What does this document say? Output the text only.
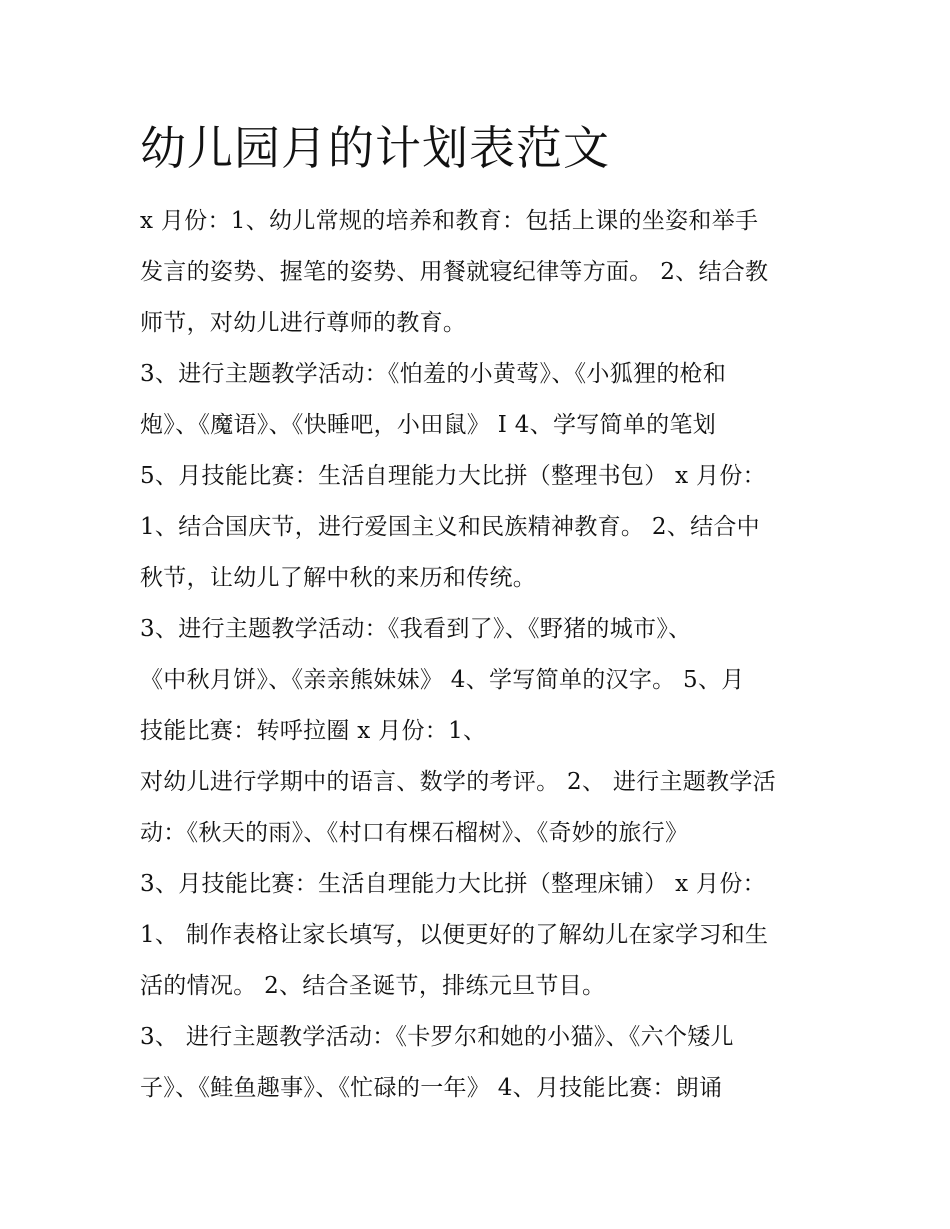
幼儿园月的计划表范文
x 月份：1、幼儿常规的培养和教育：包括上课的坐姿和举手
发言的姿势、握笔的姿势、用餐就寝纪律等方面。 2、结合教
师节，对幼儿进行尊师的教育。
3、进行主题教学活动：《怕羞的小黄莺》、《小狐狸的枪和
炮》、《魔语》、《快睡吧，小田鼠》 I 4、学写简单的笔划
5、月技能比赛：生活自理能力大比拼（整理书包） x 月份：
1、结合国庆节，进行爱国主义和民族精神教育。 2、结合中
秋节，让幼儿了解中秋的来历和传统。
3、进行主题教学活动：《我看到了》、《野猪的城市》、
《中秋月饼》、《亲亲熊妹妹》 4、学写简单的汉字。 5、月
技能比赛：转呼拉圈 x 月份：1、
对幼儿进行学期中的语言、数学的考评。 2、 进行主题教学活
动：《秋天的雨》、《村口有棵石榴树》、《奇妙的旅行》
3、月技能比赛：生活自理能力大比拼（整理床铺） x 月份：
1、 制作表格让家长填写，以便更好的了解幼儿在家学习和生
活的情况。 2、结合圣诞节，排练元旦节目。
3、 进行主题教学活动：《卡罗尔和她的小猫》、《六个矮儿
子》、《鲑鱼趣事》、《忙碌的一年》 4、月技能比赛：朗诵
